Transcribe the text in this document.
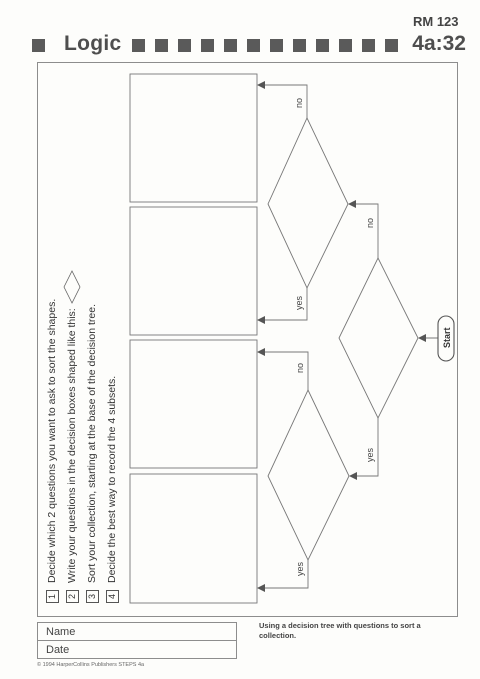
RM 123
Logic	4a:32
no
yes
no
yes
no
yes
Start
1
Decide which 2 questions you want to ask to sort the shapes.
2
Write your questions in the decision boxes shaped like this:
3
Sort your collection, starting at the base of the decision tree.
4
Decide the best way to record the 4 subsets.
Name
Date
Using a decision tree with questions to sort a collection.
© 1994 HarperCollins Publishers STEPS 4a
